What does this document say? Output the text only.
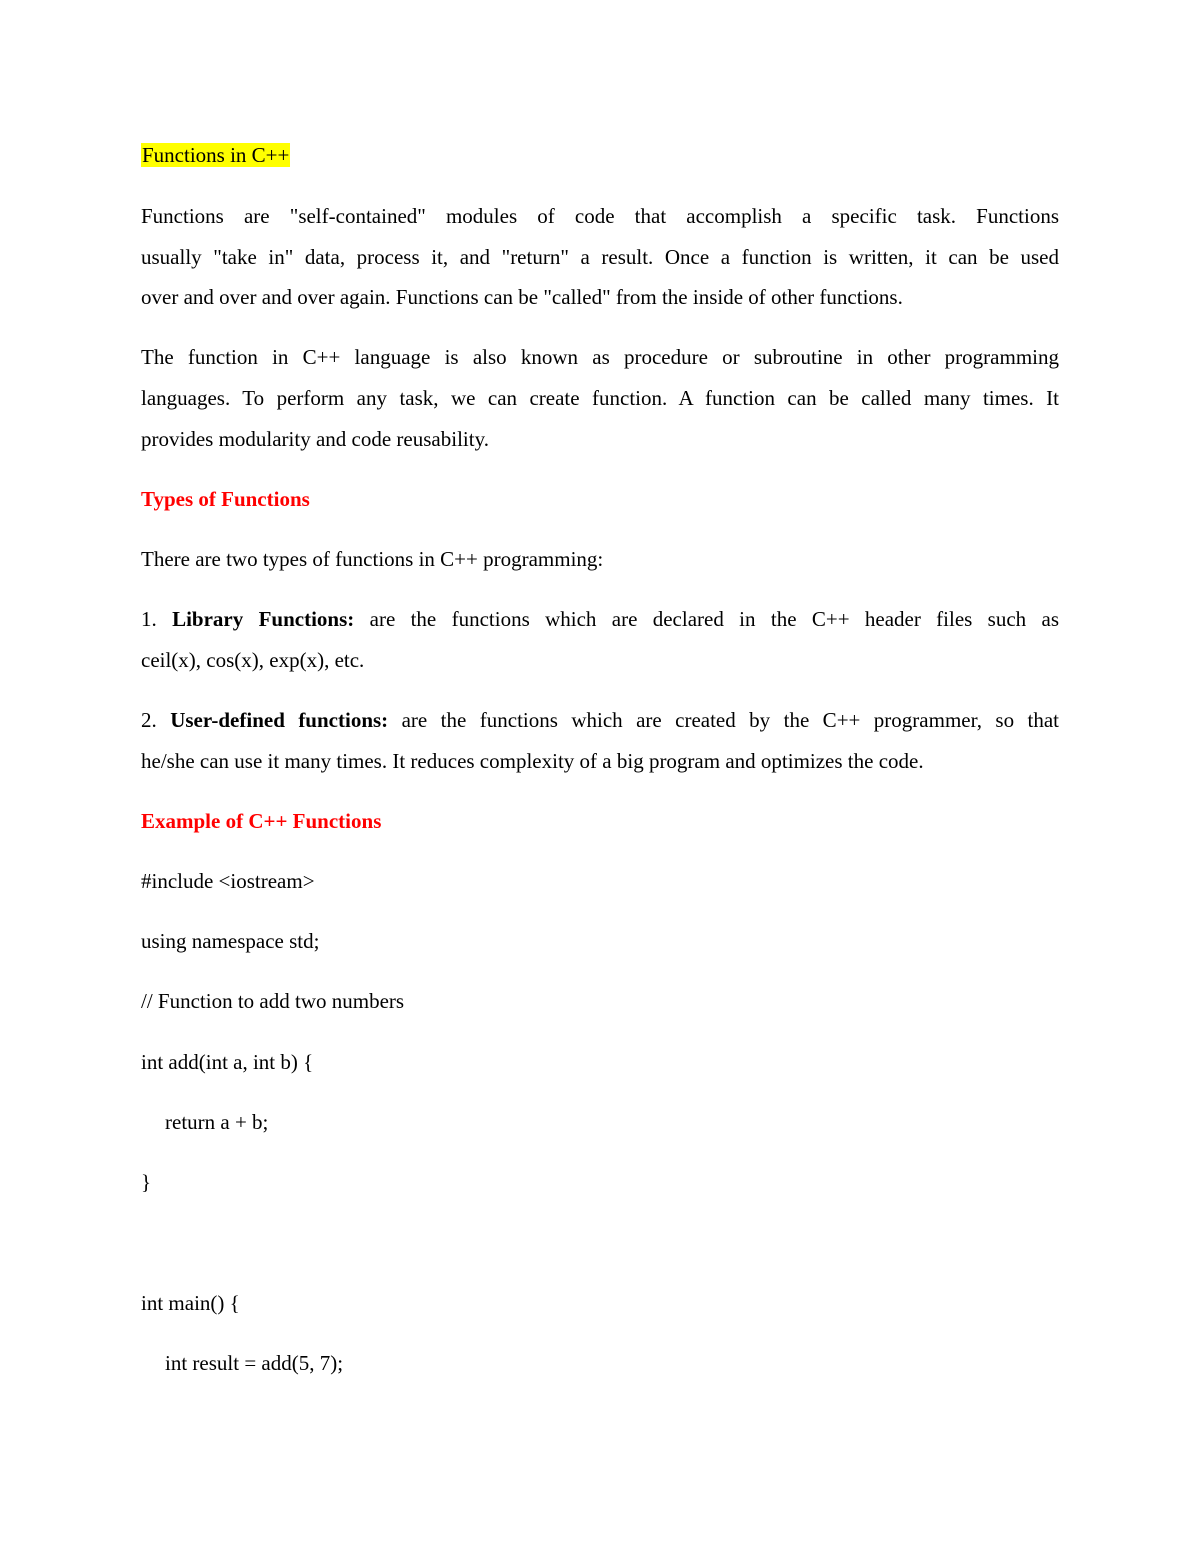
Functions in C++
Functions are "self-contained" modules of code that accomplish a specific task. Functions
usually "take in" data, process it, and "return" a result. Once a function is written, it can be used
over and over and over again. Functions can be "called" from the inside of other functions.
The function in C++ language is also known as procedure or subroutine in other programming
languages. To perform any task, we can create function. A function can be called many times. It
provides modularity and code reusability.
Types of Functions
There are two types of functions in C++ programming:
1. Library Functions: are the functions which are declared in the C++ header files such as
ceil(x), cos(x), exp(x), etc.
2. User-defined functions: are the functions which are created by the C++ programmer, so that
he/she can use it many times. It reduces complexity of a big program and optimizes the code.
Example of C++ Functions
#include <iostream>
using namespace std;
// Function to add two numbers
int add(int a, int b) {
return a + b;
}
int main() {
int result = add(5, 7);
